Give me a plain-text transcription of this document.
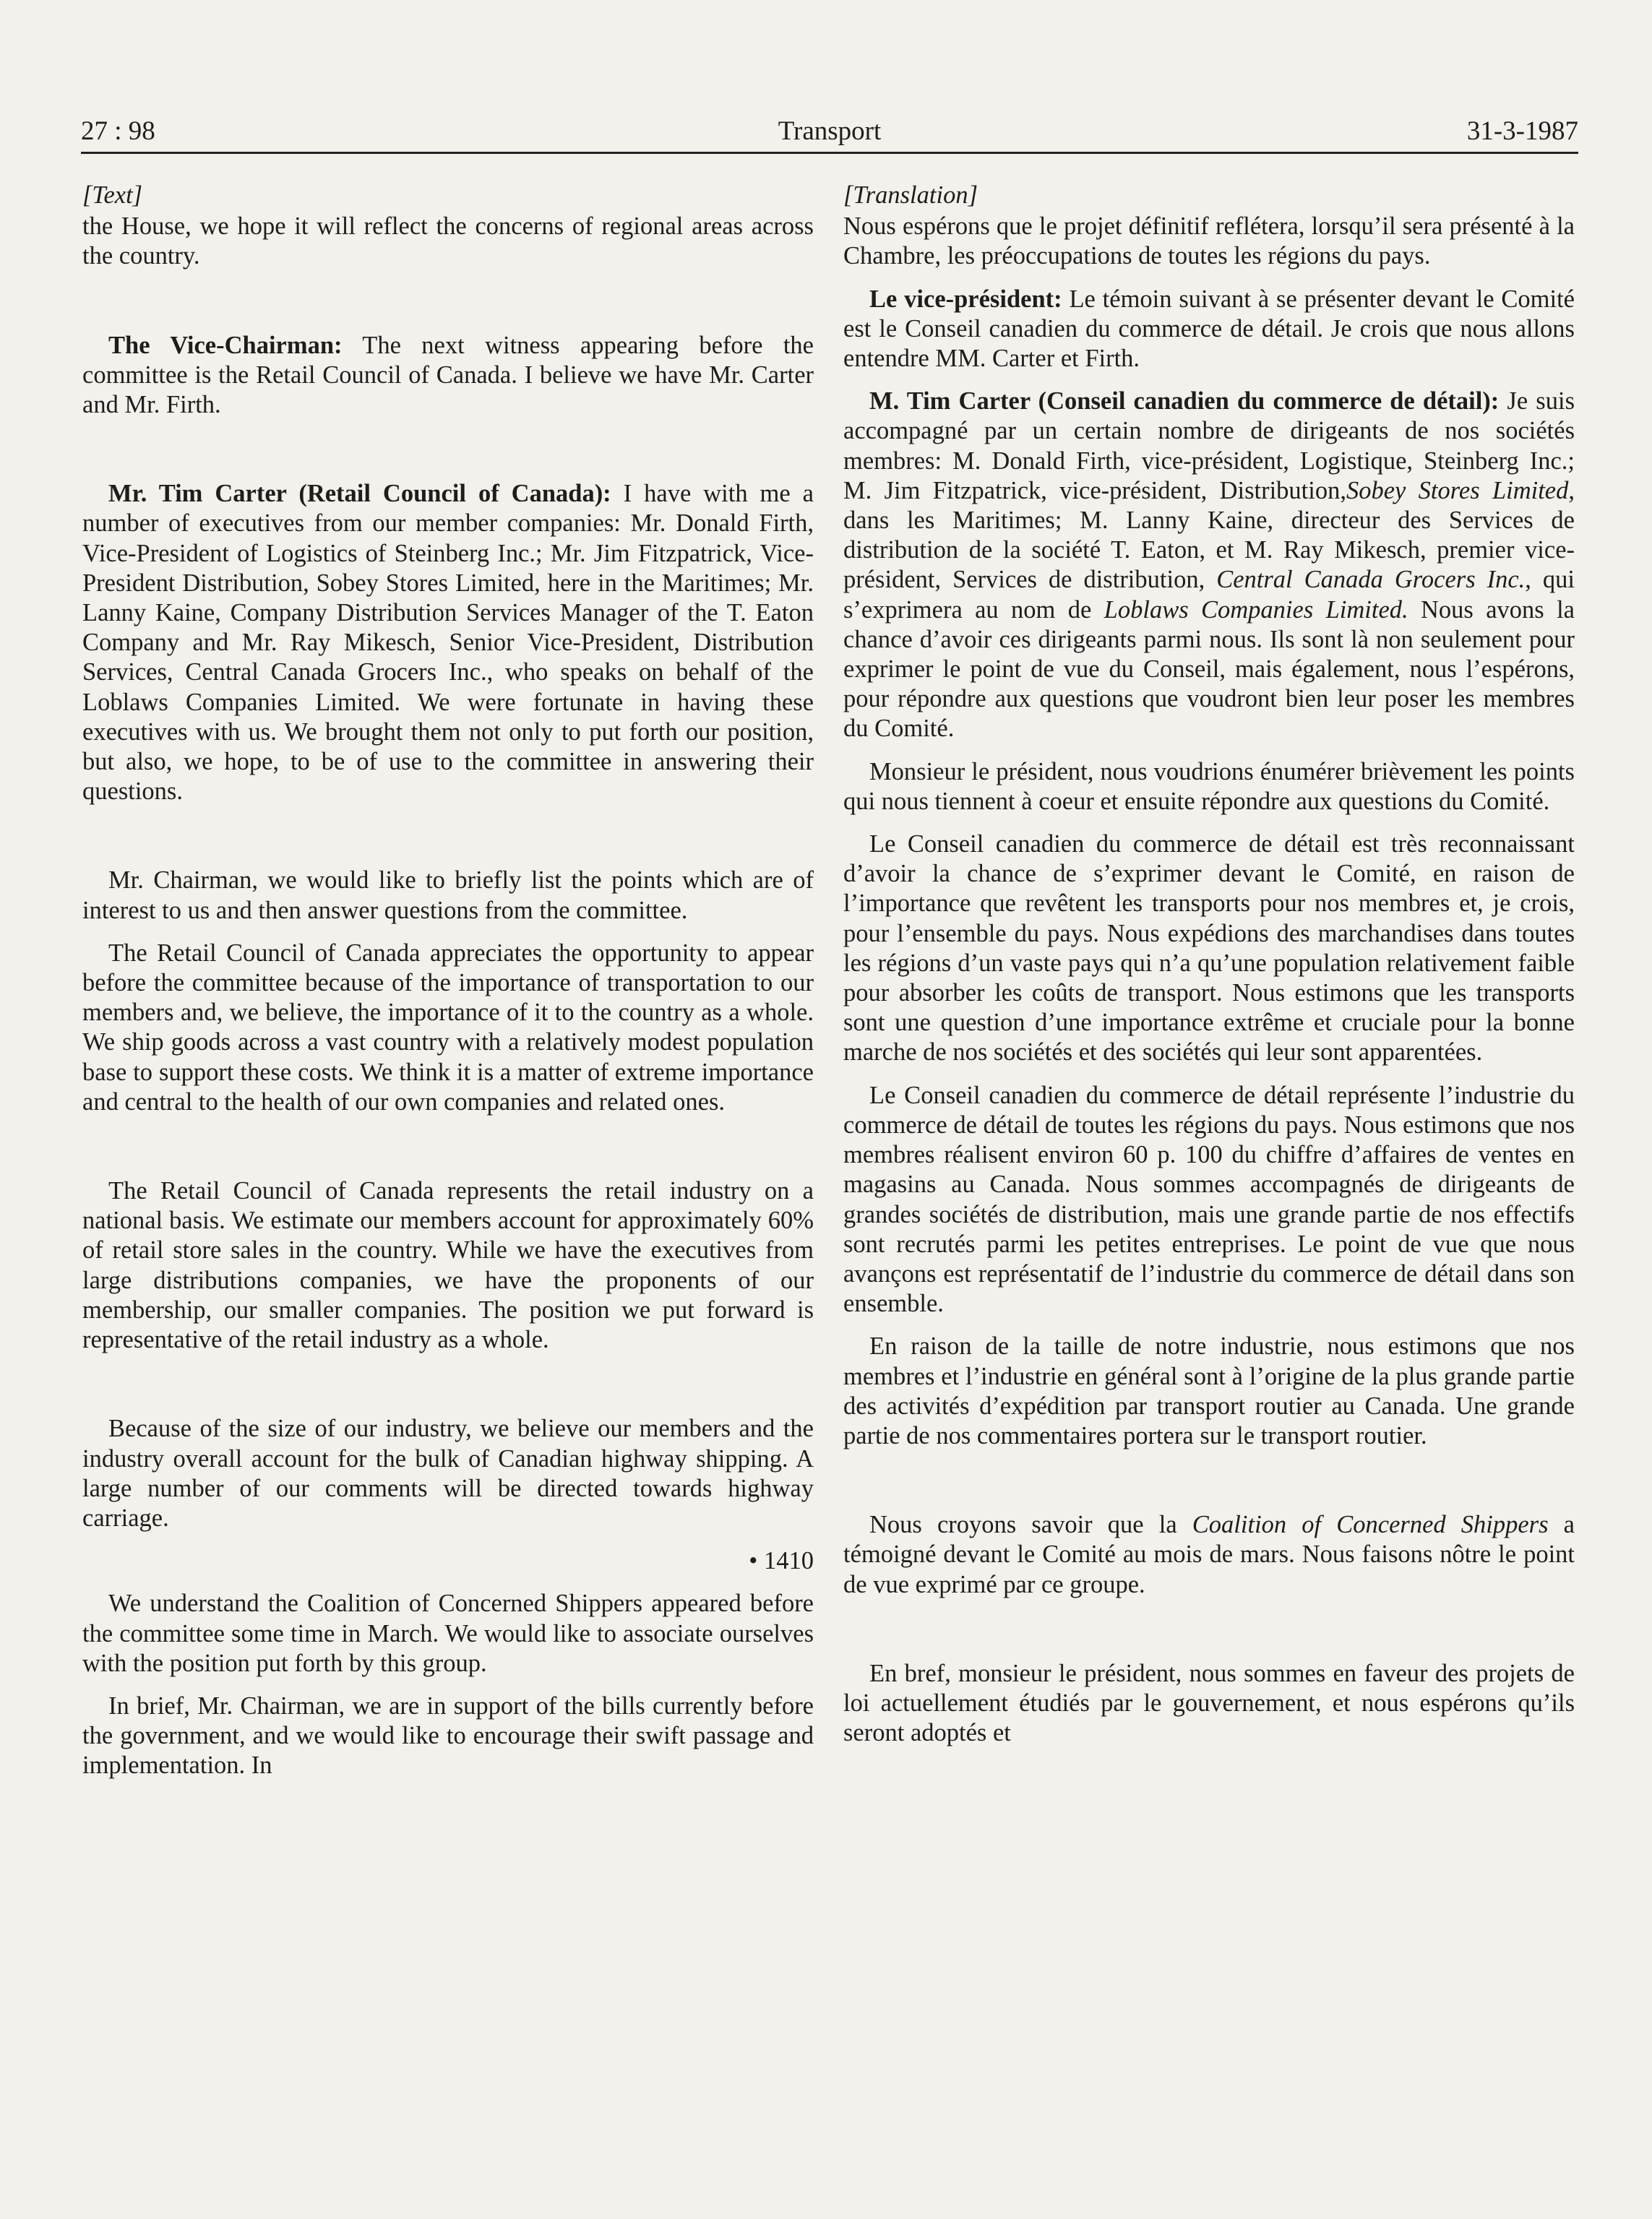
Transport
27 : 98	31-3-1987

[Text]

the House, we hope it will reflect the concerns of regional areas across the country.

The Vice-Chairman: The next witness appearing before the committee is the Retail Council of Canada. I believe we have Mr. Carter and Mr. Firth.

Mr. Tim Carter (Retail Council of Canada): I have with me a number of executives from our member companies: Mr. Donald Firth, Vice-President of Logistics of Steinberg Inc.; Mr. Jim Fitzpatrick, Vice-President Distribution, Sobey Stores Limited, here in the Maritimes; Mr. Lanny Kaine, Company Distribution Services Manager of the T. Eaton Company and Mr. Ray Mikesch, Senior Vice-President, Distribution Services, Central Canada Grocers Inc., who speaks on behalf of the Loblaws Companies Limited. We were fortunate in having these executives with us. We brought them not only to put forth our position, but also, we hope, to be of use to the committee in answering their questions.

Mr. Chairman, we would like to briefly list the points which are of interest to us and then answer questions from the committee.

The Retail Council of Canada appreciates the opportunity to appear before the committee because of the importance of transportation to our members and, we believe, the importance of it to the country as a whole. We ship goods across a vast country with a relatively modest population base to support these costs. We think it is a matter of extreme importance and central to the health of our own companies and related ones.

The Retail Council of Canada represents the retail industry on a national basis. We estimate our members account for approximately 60% of retail store sales in the country. While we have the executives from large distributions companies, we have the proponents of our membership, our smaller companies. The position we put forward is representative of the retail industry as a whole.

Because of the size of our industry, we believe our members and the industry overall account for the bulk of Canadian highway shipping. A large number of our comments will be directed towards highway carriage.

• 1410

We understand the Coalition of Concerned Shippers appeared before the committee some time in March. We would like to associate ourselves with the position put forth by this group.

In brief, Mr. Chairman, we are in support of the bills currently before the government, and we would like to encourage their swift passage and implementation. In

[Translation]

Nous espérons que le projet définitif reflétera, lorsqu’il sera présenté à la Chambre, les préoccupations de toutes les régions du pays.

Le vice-président: Le témoin suivant à se présenter devant le Comité est le Conseil canadien du commerce de détail. Je crois que nous allons entendre MM. Carter et Firth.

M. Tim Carter (Conseil canadien du commerce de détail): Je suis accompagné par un certain nombre de dirigeants de nos sociétés membres: M. Donald Firth, vice-président, Logistique, Steinberg Inc.; M. Jim Fitzpatrick, vice-président, Distribution,Sobey Stores Limited, dans les Maritimes; M. Lanny Kaine, directeur des Services de distribution de la société T. Eaton, et M. Ray Mikesch, premier vice-président, Services de distribution, Central Canada Grocers Inc., qui s’exprimera au nom de Loblaws Companies Limited. Nous avons la chance d’avoir ces dirigeants parmi nous. Ils sont là non seulement pour exprimer le point de vue du Conseil, mais également, nous l’espérons, pour répondre aux questions que voudront bien leur poser les membres du Comité.

Monsieur le président, nous voudrions énumérer brièvement les points qui nous tiennent à coeur et ensuite répondre aux questions du Comité.

Le Conseil canadien du commerce de détail est très reconnaissant d’avoir la chance de s’exprimer devant le Comité, en raison de l’importance que revêtent les transports pour nos membres et, je crois, pour l’ensemble du pays. Nous expédions des marchandises dans toutes les régions d’un vaste pays qui n’a qu’une population relativement faible pour absorber les coûts de transport. Nous estimons que les transports sont une question d’une importance extrême et cruciale pour la bonne marche de nos sociétés et des sociétés qui leur sont apparentées.

Le Conseil canadien du commerce de détail représente l’industrie du commerce de détail de toutes les régions du pays. Nous estimons que nos membres réalisent environ 60 p. 100 du chiffre d’affaires de ventes en magasins au Canada. Nous sommes accompagnés de dirigeants de grandes sociétés de distribution, mais une grande partie de nos effectifs sont recrutés parmi les petites entreprises. Le point de vue que nous avançons est représentatif de l’industrie du commerce de détail dans son ensemble.

En raison de la taille de notre industrie, nous estimons que nos membres et l’industrie en général sont à l’origine de la plus grande partie des activités d’expédition par transport routier au Canada. Une grande partie de nos commentaires portera sur le transport routier.

Nous croyons savoir que la Coalition of Concerned Shippers a témoigné devant le Comité au mois de mars. Nous faisons nôtre le point de vue exprimé par ce groupe.

En bref, monsieur le président, nous sommes en faveur des projets de loi actuellement étudiés par le gouvernement, et nous espérons qu’ils seront adoptés et
